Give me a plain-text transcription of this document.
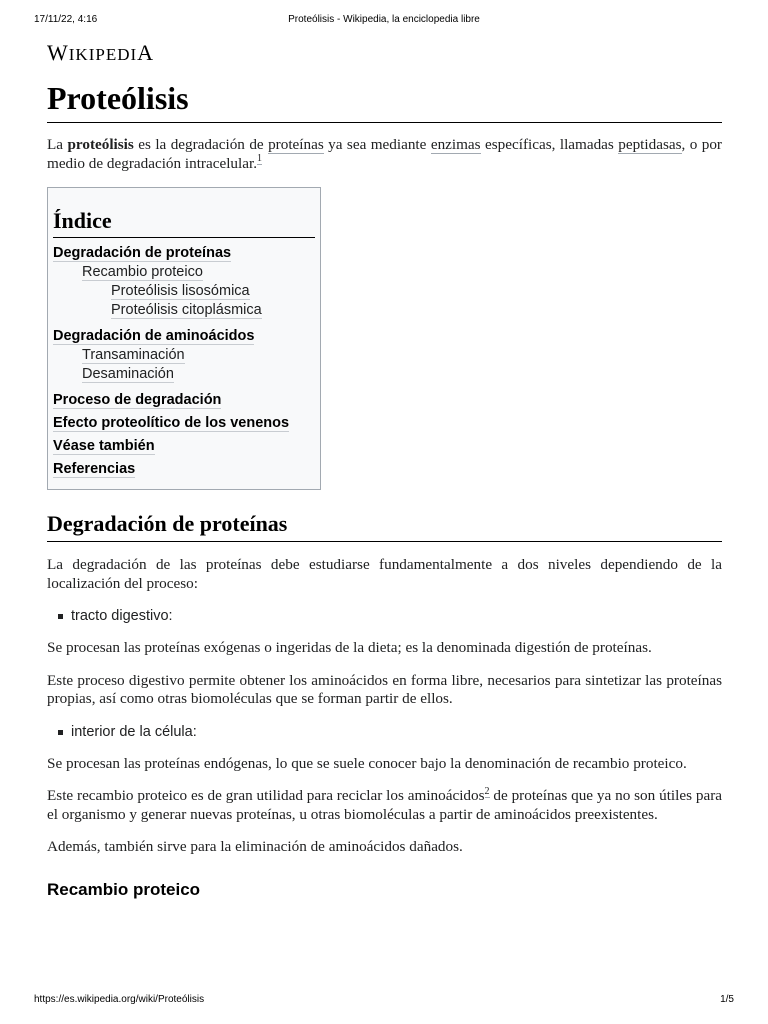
17/11/22, 4:16	Proteólisis - Wikipedia, la enciclopedia libre
WIKIPEDIA
Proteólisis

La proteólisis es la degradación de proteínas ya sea mediante enzimas específicas, llamadas peptidasas, o por medio de degradación intracelular.$^1$

Índice
Degradación de proteínas
Recambio proteico
Proteólisis lisosómica
Proteólisis citoplásmica
Degradación de aminoácidos
Transaminación
Desaminación
Proceso de degradación
Efecto proteolítico de los venenos
Véase también
Referencias
Degradación de proteínas

La degradación de las proteínas debe estudiarse fundamentalmente a dos niveles dependiendo de la localización del proceso:

tracto digestivo:

Se procesan las proteínas exógenas o ingeridas de la dieta; es la denominada digestión de proteínas.

Este proceso digestivo permite obtener los aminoácidos en forma libre, necesarios para sintetizar las proteínas propias, así como otras biomoléculas que se forman partir de ellos.

interior de la célula:

Se procesan las proteínas endógenas, lo que se suele conocer bajo la denominación de recambio proteico.

Este recambio proteico es de gran utilidad para reciclar los aminoácidos$^2$ de proteínas que ya no son útiles para el organismo y generar nuevas proteínas, u otras biomoléculas a partir de aminoácidos preexistentes.

Además, también sirve para la eliminación de aminoácidos dañados.

Recambio proteico
https://es.wikipedia.org/wiki/Proteólisis	1/5
